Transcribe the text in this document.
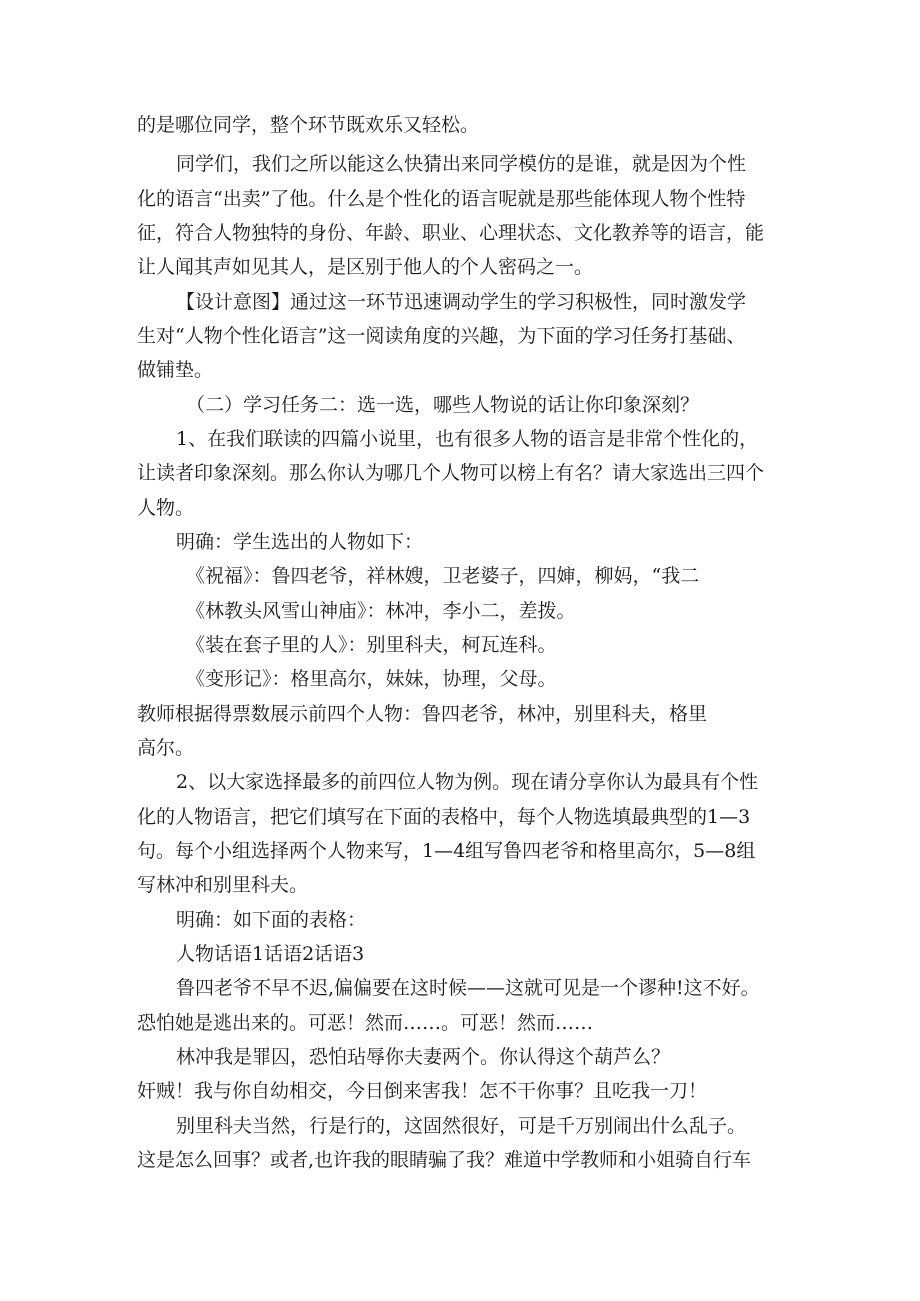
的是哪位同学，整个环节既欢乐又轻松。
同学们，我们之所以能这么快猜出来同学模仿的是谁，就是因为个性
化的语言“出卖”了他。什么是个性化的语言呢就是那些能体现人物个性特
征，符合人物独特的身份、年龄、职业、心理状态、文化教养等的语言，能
让人闻其声如见其人，是区别于他人的个人密码之一。
【设计意图】通过这一环节迅速调动学生的学习积极性，同时激发学
生对“人物个性化语言”这一阅读角度的兴趣，为下面的学习任务打基础、
做铺垫。
（二）学习任务二：选一选，哪些人物说的话让你印象深刻？
1、在我们联读的四篇小说里，也有很多人物的语言是非常个性化的，
让读者印象深刻。那么你认为哪几个人物可以榜上有名？请大家选出三四个
人物。
明确：学生选出的人物如下：
《祝福》：鲁四老爷，祥林嫂，卫老婆子，四婶，柳妈，“我二
《林教头风雪山神庙》：林冲，李小二，差拨。
《装在套子里的人》：别里科夫，柯瓦连科。
《变形记》：格里高尔，妹妹，协理，父母。
教师根据得票数展示前四个人物：鲁四老爷，林冲，别里科夫，格里
高尔。
2、以大家选择最多的前四位人物为例。现在请分享你认为最具有个性
化的人物语言，把它们填写在下面的表格中，每个人物选填最典型的1—3
句。每个小组选择两个人物来写，1—4组写鲁四老爷和格里高尔，5—8组
写林冲和别里科夫。
明确：如下面的表格：
人物话语1话语2话语3
鲁四老爷不早不迟,偏偏要在这时候——这就可见是一个谬种!这不好。
恐怕她是逃出来的。可恶！然而……。可恶！然而……
林冲我是罪囚，恐怕玷辱你夫妻两个。你认得这个葫芦么？
奸贼！我与你自幼相交，今日倒来害我！怎不干你事？且吃我一刀！
别里科夫当然，行是行的，这固然很好，可是千万别闹出什么乱子。
这是怎么回事？或者,也许我的眼睛骗了我？难道中学教师和小姐骑自行车
